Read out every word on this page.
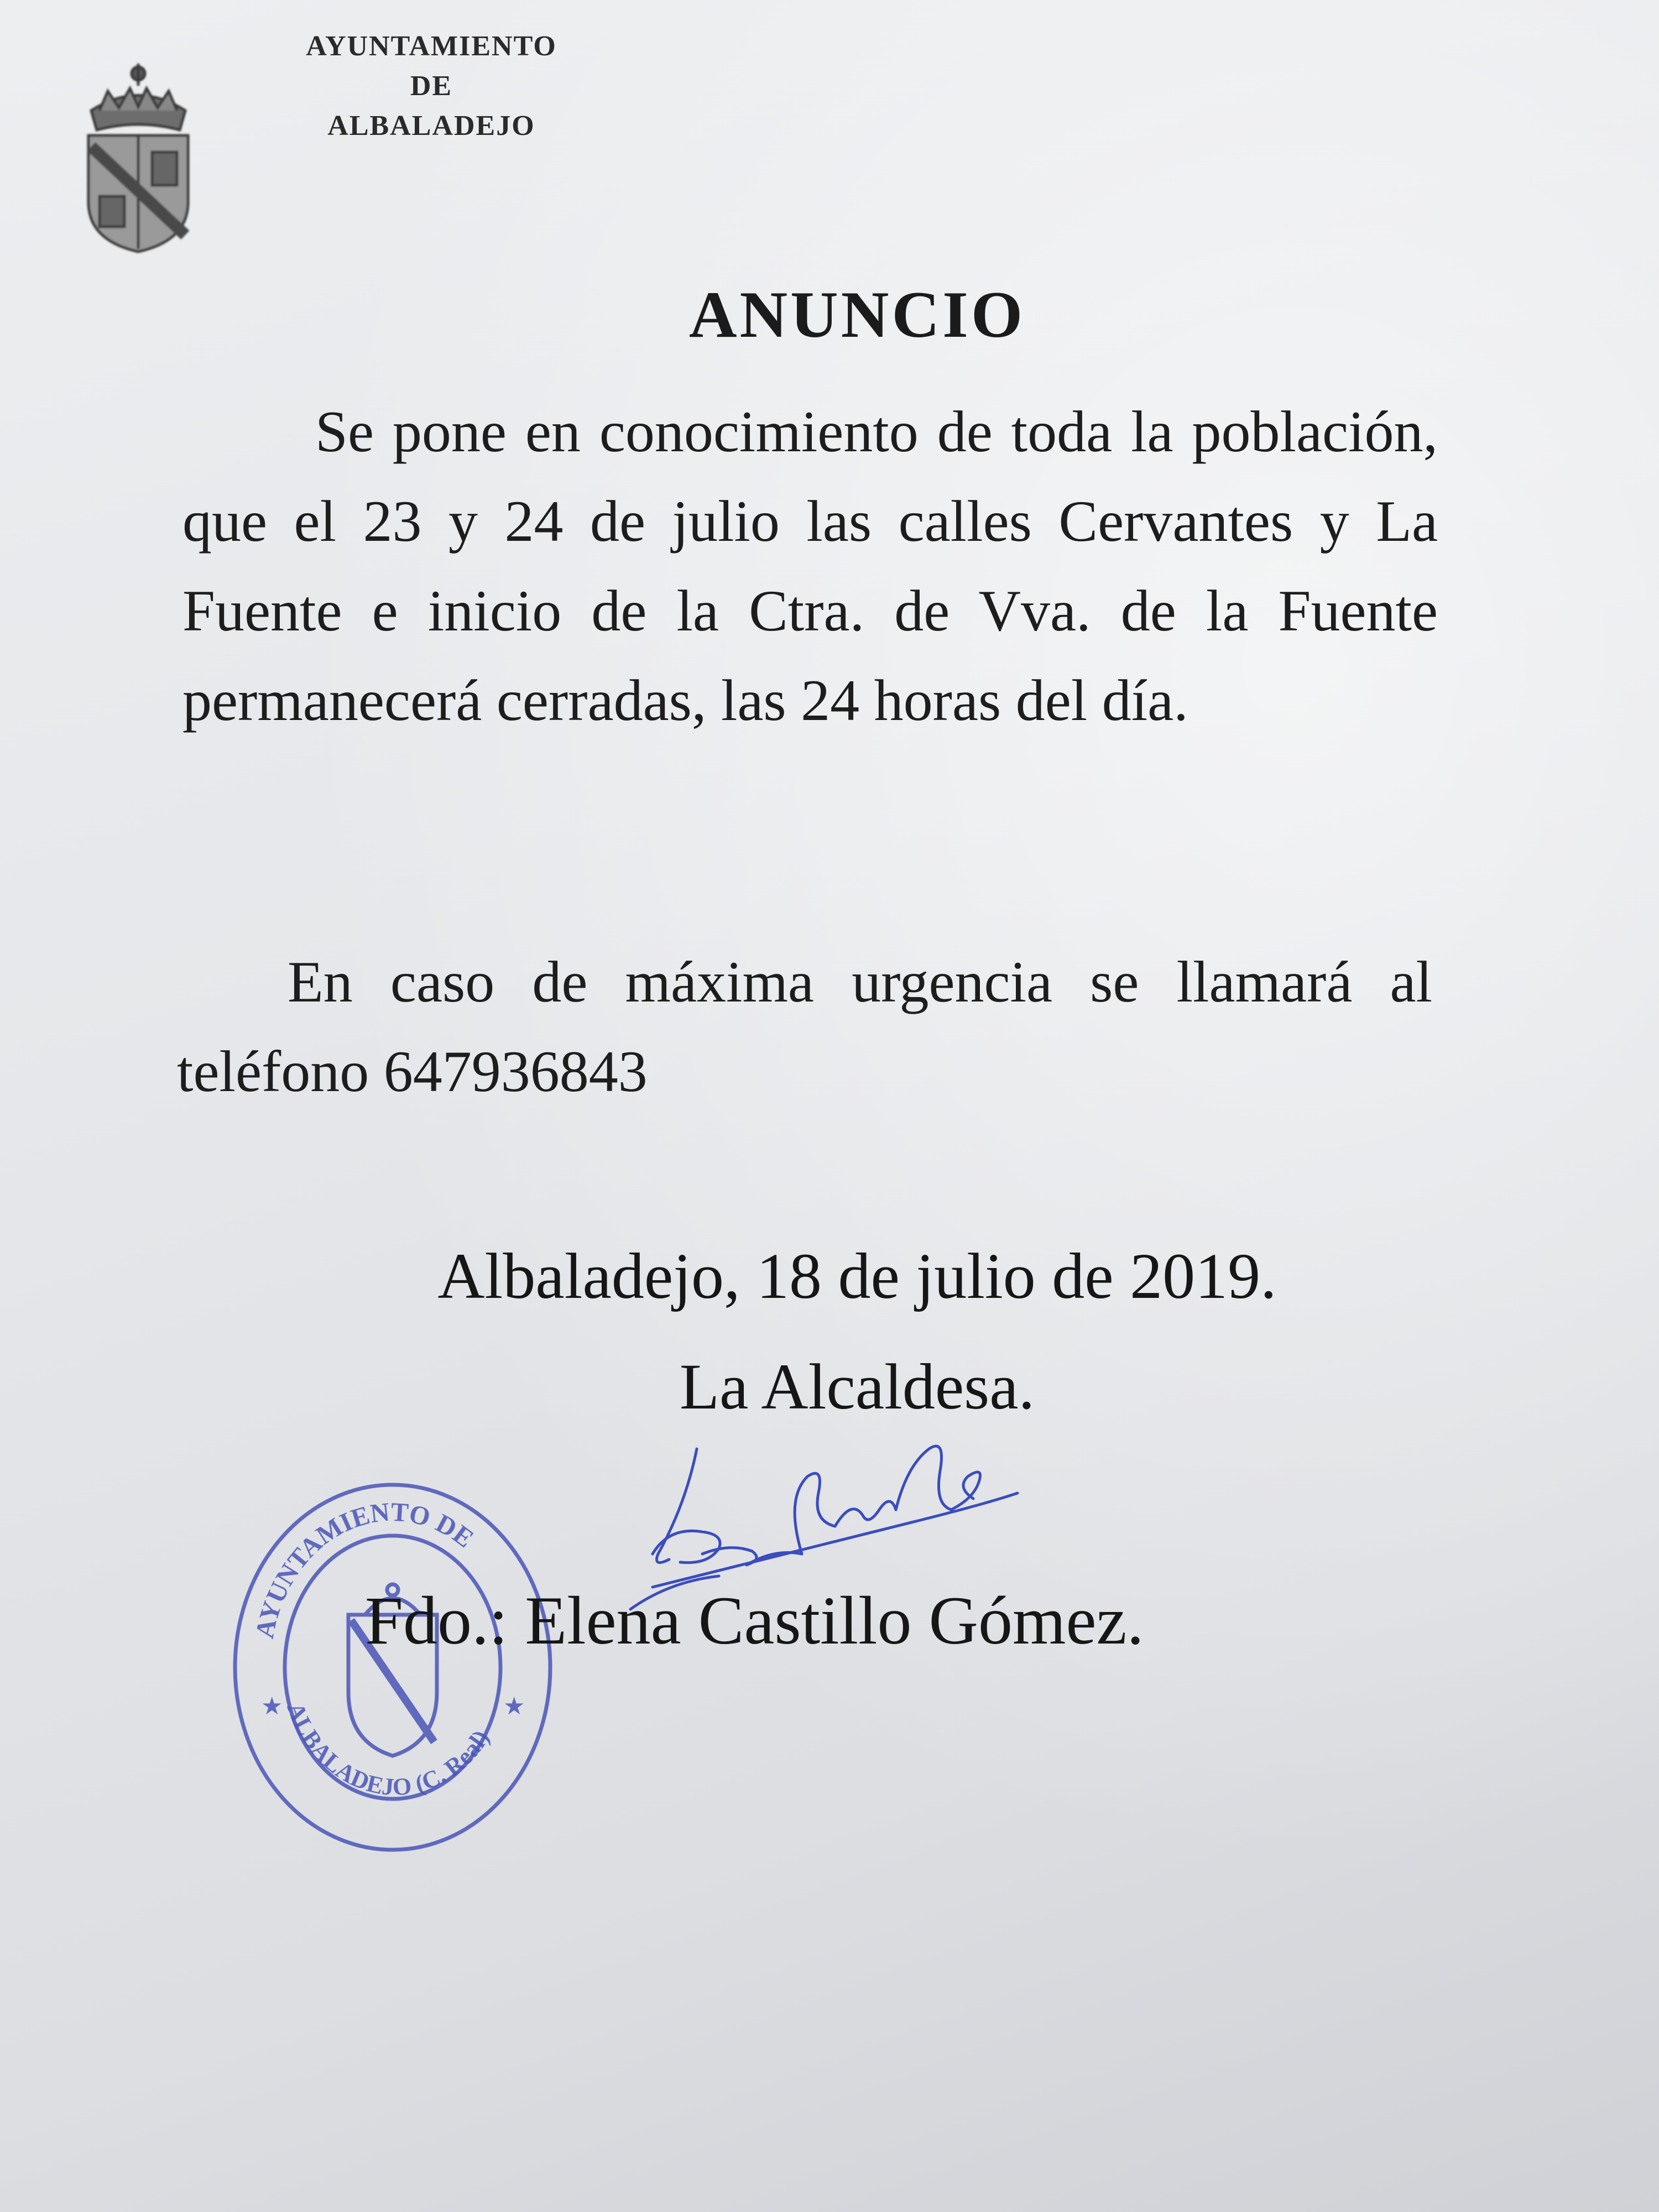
AYUNTAMIENTO
DE
ALBALADEJO
ANUNCIO
Se pone en conocimiento de toda la población, que el 23 y 24 de julio las calles Cervantes y La Fuente e inicio de la Ctra. de Vva. de la Fuente permanecerá cerradas, las 24 horas del día.
En caso de máxima urgencia se llamará al teléfono 647936843
Albaladejo, 18 de julio de 2019.
La Alcaldesa.
AYUNTAMIENTO DE
ALBALADEJO (C. Real)
★	★
Fdo.: Elena Castillo Gómez.
